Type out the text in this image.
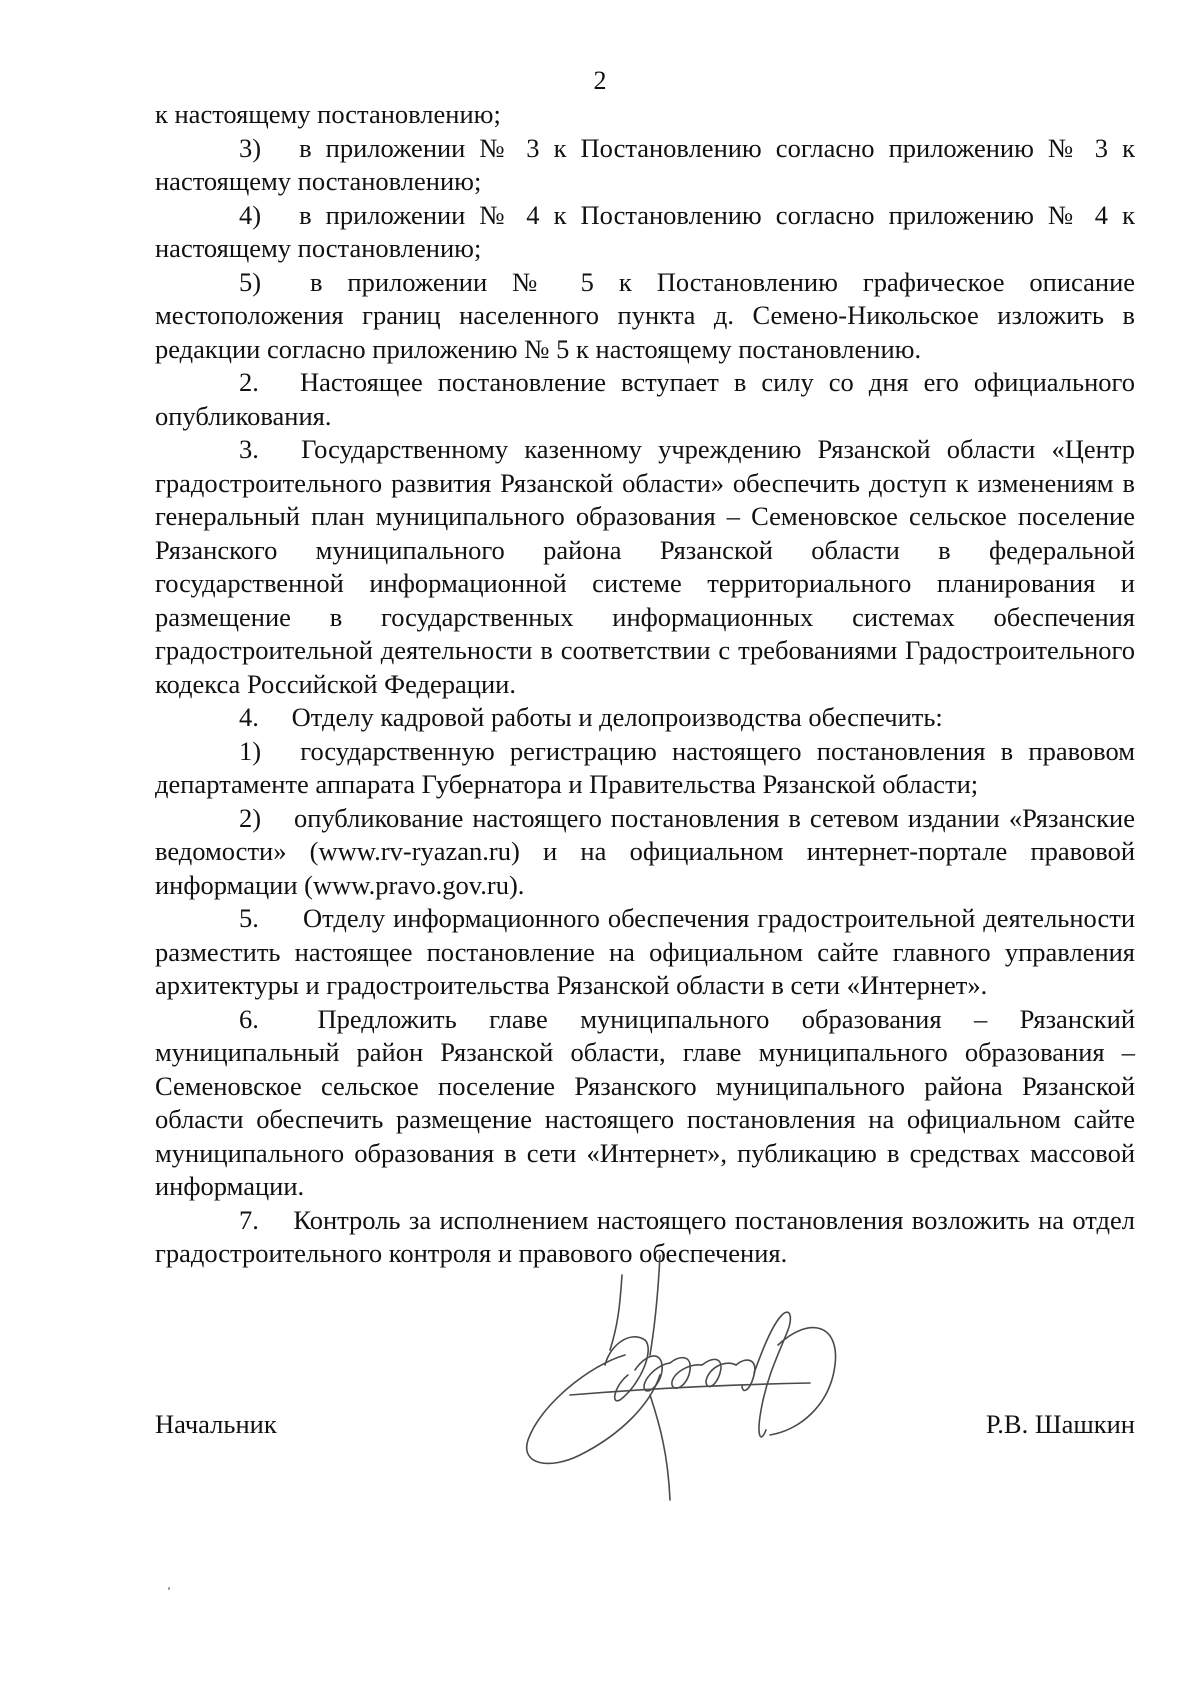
2

к настоящему постановлению;

3) в приложении № 3 к Постановлению согласно приложению № 3 к настоящему постановлению;

4) в приложении № 4 к Постановлению согласно приложению № 4 к настоящему постановлению;

5) в приложении № 5 к Постановлению графическое описание местоположения границ населенного пункта д. Семено-Никольское изложить в редакции согласно приложению № 5 к настоящему постановлению.

2. Настоящее постановление вступает в силу со дня его официального опубликования.

3. Государственному казенному учреждению Рязанской области «Центр градостроительного развития Рязанской области» обеспечить доступ к изменениям в генеральный план муниципального образования – Семеновское сельское поселение Рязанского муниципального района Рязанской области в федеральной государственной информационной системе территориального планирования и размещение в государственных информационных системах обеспечения градостроительной деятельности в соответствии с требованиями Градостроительного кодекса Российской Федерации.

4. Отделу кадровой работы и делопроизводства обеспечить:

1) государственную регистрацию настоящего постановления в правовом департаменте аппарата Губернатора и Правительства Рязанской области;

2) опубликование настоящего постановления в сетевом издании «Рязанские ведомости» (www.rv-ryazan.ru) и на официальном интернет-портале правовой информации (www.pravo.gov.ru).

5. Отделу информационного обеспечения градостроительной деятельности разместить настоящее постановление на официальном сайте главного управления архитектуры и градостроительства Рязанской области в сети «Интернет».

6. Предложить главе муниципального образования – Рязанский муниципальный район Рязанской области, главе муниципального образования – Семеновское сельское поселение Рязанского муниципального района Рязанской области обеспечить размещение настоящего постановления на официальном сайте муниципального образования в сети «Интернет», публикацию в средствах массовой информации.

7. Контроль за исполнением настоящего постановления возложить на отдел градостроительного контроля и правового обеспечения.

Начальник	Р.В. Шашкин
